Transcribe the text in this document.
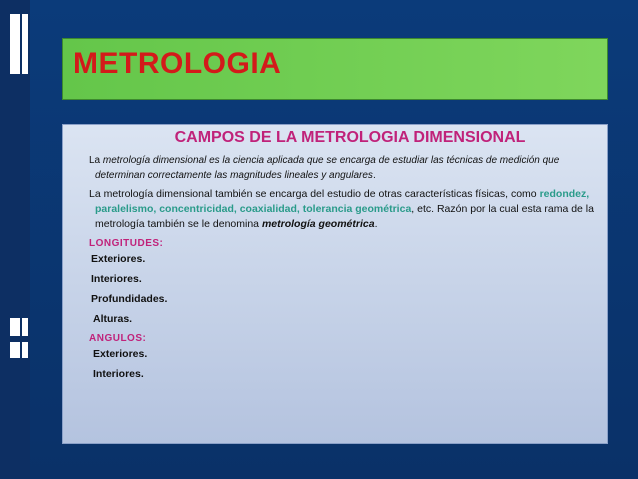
METROLOGIA
CAMPOS DE LA METROLOGIA DIMENSIONAL
La metrología dimensional es la ciencia aplicada que se encarga de estudiar las técnicas de medición que determinan correctamente las magnitudes lineales y angulares.
La metrología dimensional también se encarga del estudio de otras características físicas, como redondez, paralelismo, concentricidad, coaxialidad, tolerancia geométrica, etc. Razón por la cual esta rama de la metrología también se le denomina metrología geométrica.
LONGITUDES:
Exteriores.
Interiores.
Profundidades.
Alturas.
ANGULOS:
Exteriores.
Interiores.
